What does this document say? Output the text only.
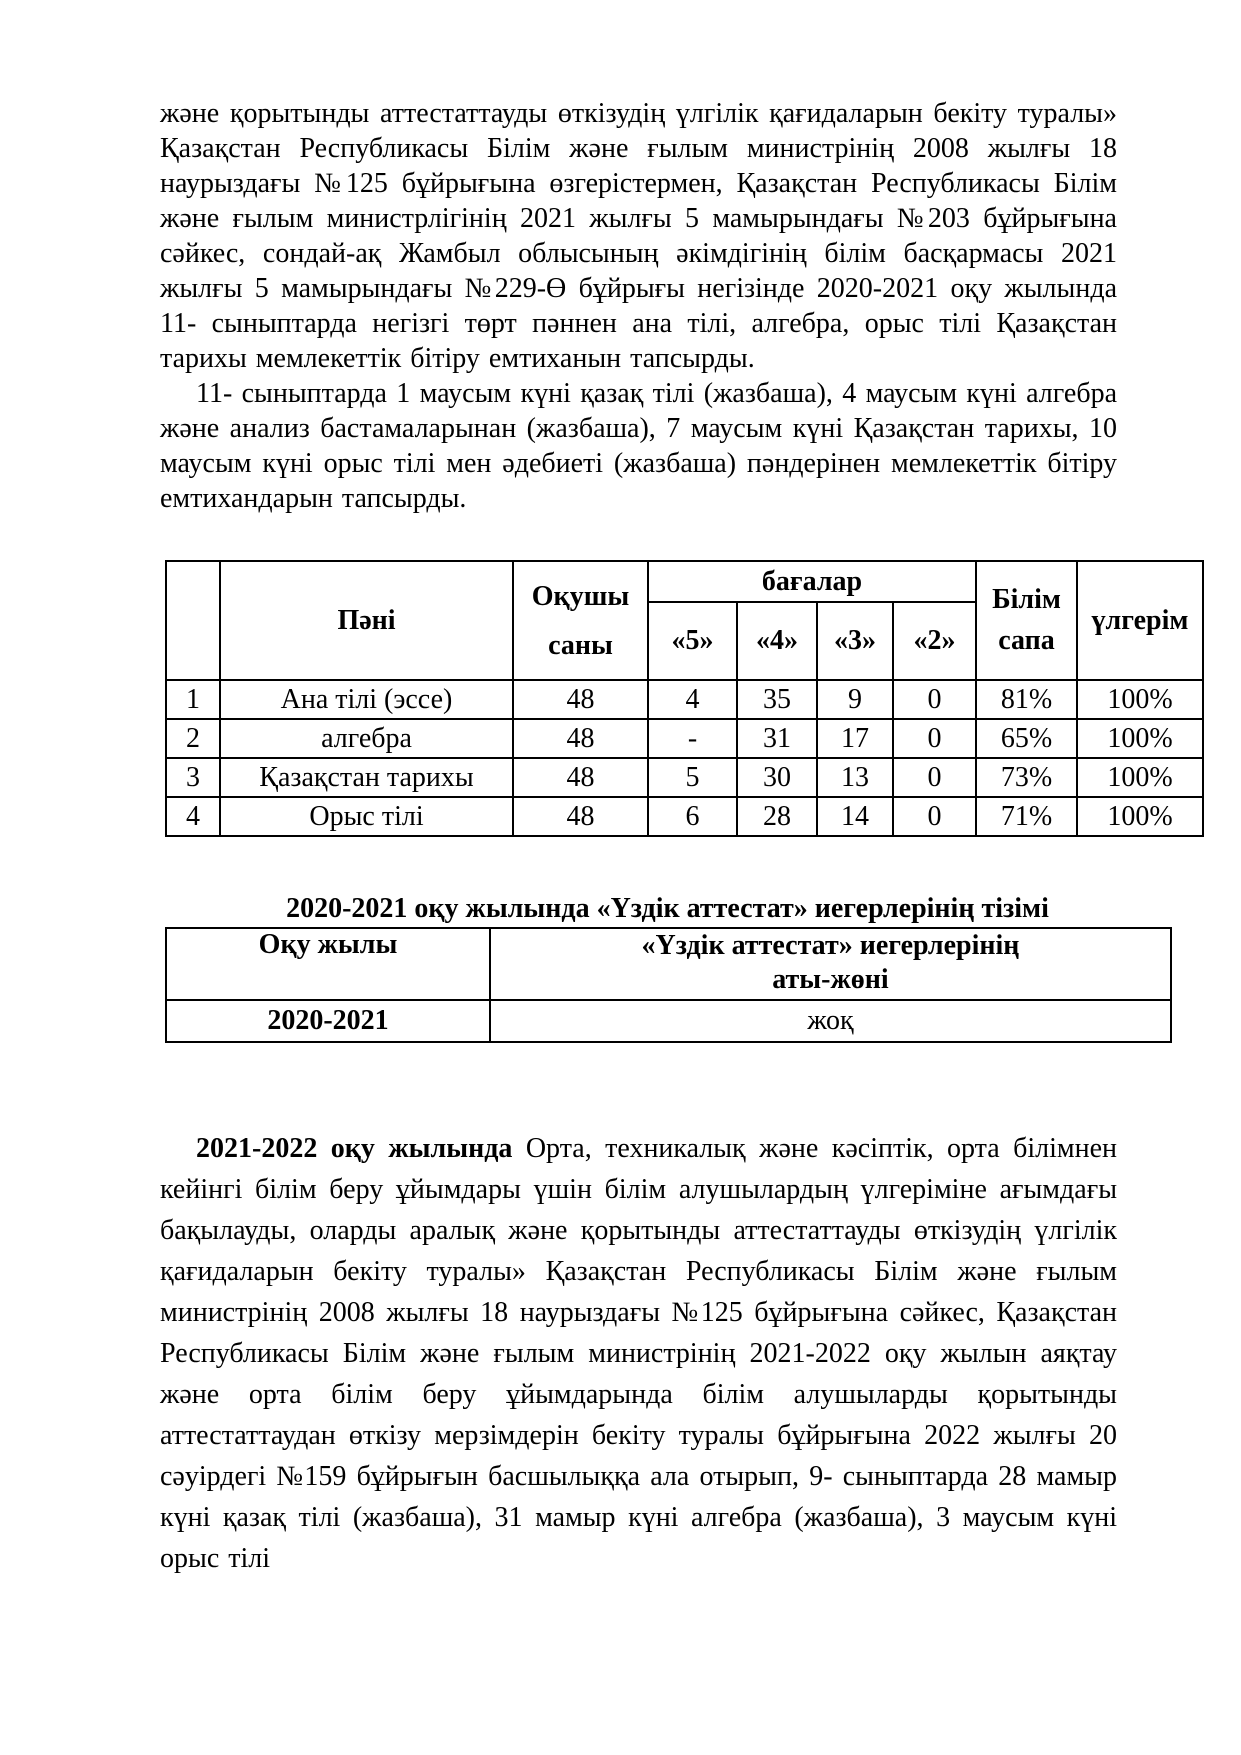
және қорытынды аттестаттауды өткізудің үлгілік қағидаларын бекіту туралы» Қазақстан Республикасы Білім және ғылым министрінің 2008 жылғы 18 наурыздағы №125 бұйрығына өзгерістермен, Қазақстан Республикасы Білім және ғылым министрлігінің 2021 жылғы 5 мамырындағы №203 бұйрығына сәйкес, сондай-ақ Жамбыл облысының әкімдігінің білім басқармасы 2021 жылғы 5 мамырындағы №229-Ө бұйрығы негізінде 2020-2021 оқу жылында 11- сыныптарда негізгі төрт пәннен ана тілі, алгебра, орыс тілі Қазақстан тарихы мемлекеттік бітіру емтиханын тапсырды.

11- сыныптарда 1 маусым күні қазақ тілі (жазбаша), 4 маусым күні алгебра және анализ бастамаларынан (жазбаша), 7 маусым күні Қазақстан тарихы, 10 маусым күні орыс тілі мен әдебиеті (жазбаша) пәндерінен мемлекеттік бітіру емтихандарын тапсырды.

	Пәні	Оқушы саны	бағалар				Білім сапа	үлгерім
			«5»	«4»	«3»	«2»		
1	Ана тілі (эссе)	48	4	35	9	0	81%	100%
2	алгебра	48	-	31	17	0	65%	100%
3	Қазақстан тарихы	48	5	30	13	0	73%	100%
4	Орыс тілі	48	6	28	14	0	71%	100%

2020-2021 оқу жылында «Үздік аттестат» иегерлерінің тізімі

Оқу жылы	«Үздік аттестат» иегерлерінің
аты-жөні

2020-2021	жоқ

2021-2022 оқу жылында Орта, техникалық және кәсіптік, орта білімнен кейінгі білім беру ұйымдары үшін білім алушылардың үлгеріміне ағымдағы бақылауды, оларды аралық және қорытынды аттестаттауды өткізудің үлгілік қағидаларын бекіту туралы» Қазақстан Республикасы Білім және ғылым министрінің 2008 жылғы 18 наурыздағы №125 бұйрығына сәйкес, Қазақстан Республикасы Білім және ғылым министрінің 2021-2022 оқу жылын аяқтау және орта білім беру ұйымдарында білім алушыларды қорытынды аттестаттаудан өткізу мерзімдерін бекіту туралы бұйрығына 2022 жылғы 20 сәуірдегі №159 бұйрығын басшылыққа ала отырып, 9- сыныптарда 28 мамыр күні қазақ тілі (жазбаша), 31 мамыр күні алгебра (жазбаша), 3 маусым күні орыс тілі
